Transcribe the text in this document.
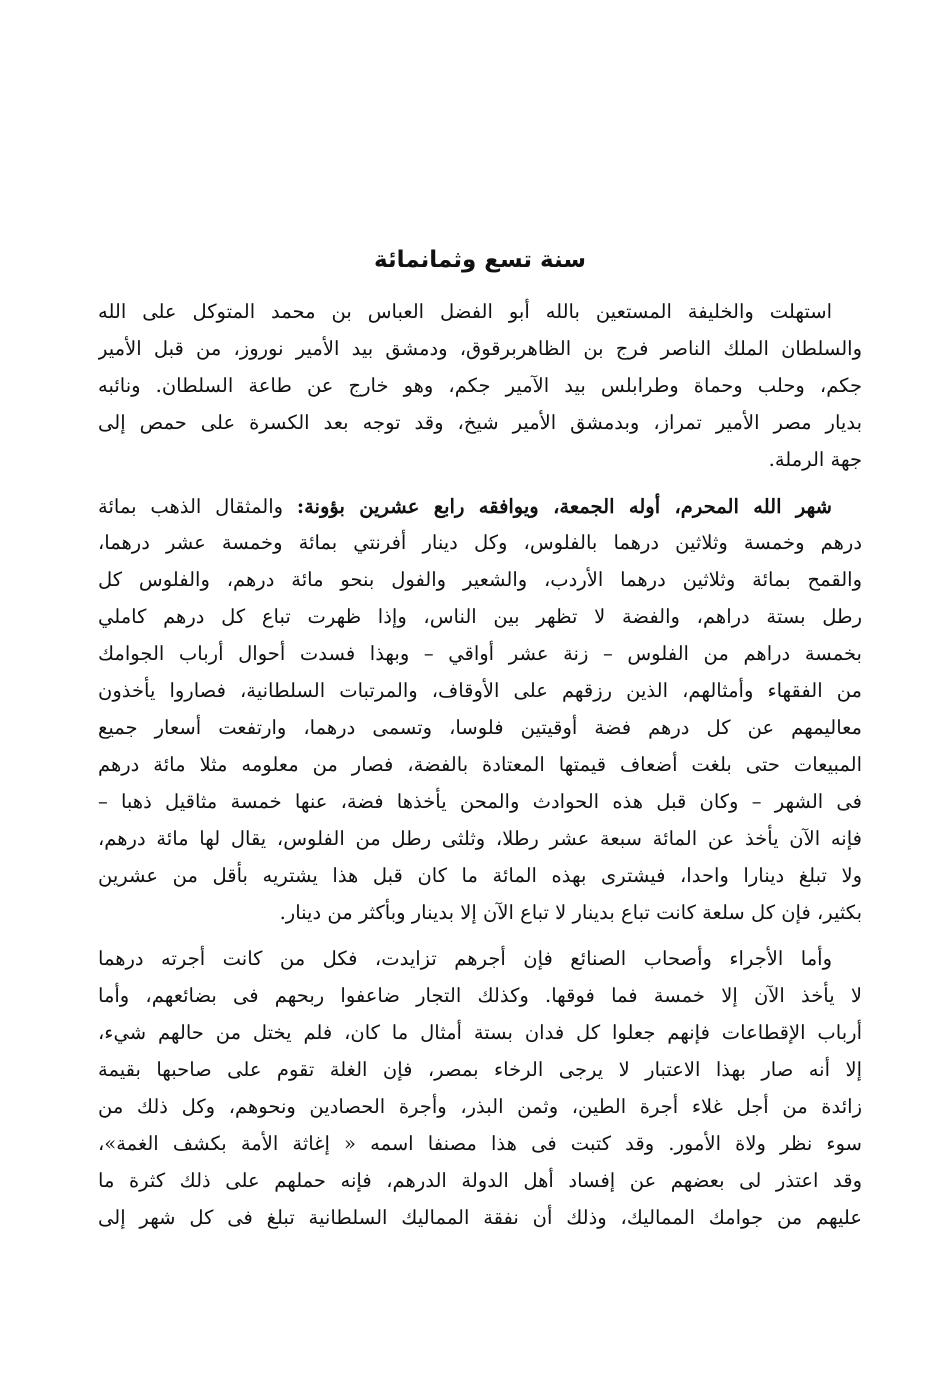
سنة تسع وثمانمائة
استهلت والخليفة المستعين بالله أبو الفضل العباس بن محمد المتوكل على الله
والسلطان الملك الناصر فرج بن الظاهربرقوق، ودمشق بيد الأمير نوروز، من قبل الأمير
جكم، وحلب وحماة وطرابلس بيد الآمير جكم، وهو خارج عن طاعة السلطان. ونائبه
بديار مصر الأمير تمراز، وبدمشق الأمير شيخ، وقد توجه بعد الكسرة على حمص إلى
جهة الرملة.
شهر الله المحرم، أوله الجمعة، ويوافقه رابع عشرين بؤونة: والمثقال الذهب بمائة
درهم وخمسة وثلاثين درهما بالفلوس، وكل دينار أفرنتي بمائة وخمسة عشر درهما،
والقمح بمائة وثلاثين درهما الأردب، والشعير والفول بنحو مائة درهم، والفلوس كل
رطل بستة دراهم، والفضة لا تظهر بين الناس، وإذا ظهرت تباع كل درهم كاملي
بخمسة دراهم من الفلوس – زنة عشر أواقي – وبهذا فسدت أحوال أرباب الجوامك
من الفقهاء وأمثالهم، الذين رزقهم على الأوقاف، والمرتبات السلطانية، فصاروا يأخذون
معاليمهم عن كل درهم فضة أوقيتين فلوسا، وتسمى درهما، وارتفعت أسعار جميع
المبيعات حتى بلغت أضعاف قيمتها المعتادة بالفضة، فصار من معلومه مثلا مائة درهم
فى الشهر – وكان قبل هذه الحوادث والمحن يأخذها فضة، عنها خمسة مثاقيل ذهبا –
فإنه الآن يأخذ عن المائة سبعة عشر رطلا، وثلثى رطل من الفلوس، يقال لها مائة درهم،
ولا تبلغ دينارا واحدا، فيشترى بهذه المائة ما كان قبل هذا يشتريه بأقل من عشرين
بكثير، فإن كل سلعة كانت تباع بدينار لا تباع الآن إلا بدينار وبأكثر من دينار.
وأما الأجراء وأصحاب الصنائع فإن أجرهم تزايدت، فكل من كانت أجرته درهما
لا يأخذ الآن إلا خمسة فما فوقها. وكذلك التجار ضاعفوا ربحهم فى بضائعهم، وأما
أرباب الإقطاعات فإنهم جعلوا كل فدان بستة أمثال ما كان، فلم يختل من حالهم شيء،
إلا أنه صار بهذا الاعتبار لا يرجى الرخاء بمصر، فإن الغلة تقوم على صاحبها بقيمة
زائدة من أجل غلاء أجرة الطين، وثمن البذر، وأجرة الحصادين ونحوهم، وكل ذلك من
سوء نظر ولاة الأمور. وقد كتبت فى هذا مصنفا اسمه « إغاثة الأمة بكشف الغمة»،
وقد اعتذر لى بعضهم عن إفساد أهل الدولة الدرهم، فإنه حملهم على ذلك كثرة ما
عليهم من جوامك المماليك، وذلك أن نفقة المماليك السلطانية تبلغ فى كل شهر إلى
